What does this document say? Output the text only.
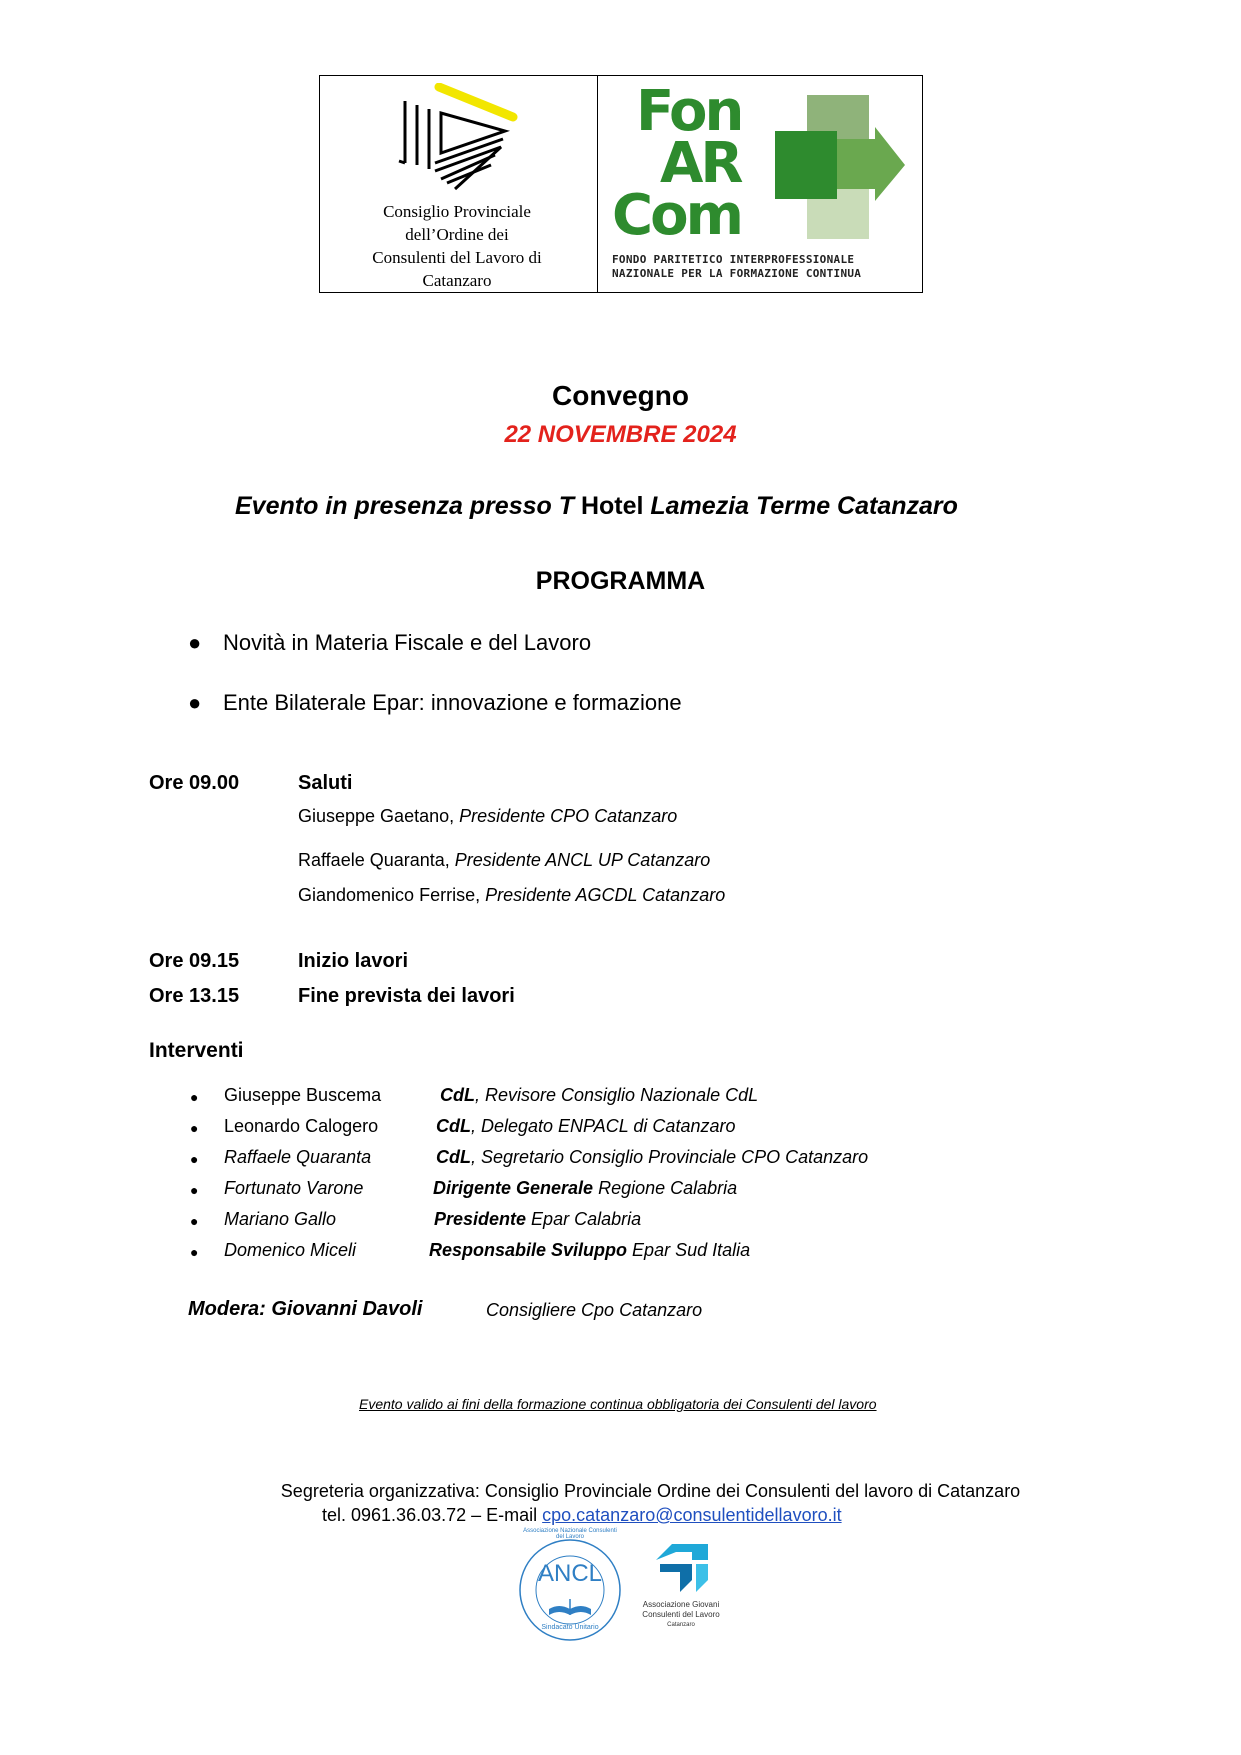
Consiglio Provinciale
dell’Ordine dei
Consulenti del Lavoro di
Catanzaro
Fon
AR
Com
FONDO PARITETICO INTERPROFESSIONALE
NAZIONALE PER LA FORMAZIONE CONTINUA
Convegno
22 NOVEMBRE 2024
Evento in presenza presso T Hotel Lamezia Terme Catanzaro
PROGRAMMA
● Novità in Materia Fiscale e del Lavoro
● Ente Bilaterale Epar: innovazione e formazione
Ore 09.00	Saluti
Giuseppe Gaetano, Presidente CPO Catanzaro
Raffaele Quaranta, Presidente ANCL UP Catanzaro
Giandomenico Ferrise, Presidente AGCDL Catanzaro
Ore 09.15	Inizio lavori
Ore 13.15	Fine prevista dei lavori
Interventi
● Giuseppe Buscema	CdL, Revisore Consiglio Nazionale CdL
● Leonardo Calogero	CdL, Delegato ENPACL di Catanzaro
● Raffaele Quaranta	CdL, Segretario Consiglio Provinciale CPO Catanzaro
● Fortunato Varone	Dirigente Generale Regione Calabria
● Mariano Gallo	Presidente Epar Calabria
● Domenico Miceli	Responsabile Sviluppo Epar Sud Italia
Modera: Giovanni Davoli	Consigliere Cpo Catanzaro
Evento valido ai fini della formazione continua obbligatoria dei Consulenti del lavoro
Segreteria organizzativa: Consiglio Provinciale Ordine dei Consulenti del lavoro di Catanzaro
tel. 0961.36.03.72 – E-mail cpo.catanzaro@consulentidellavoro.it
ANCL
Associazione Nazionale Consulenti del Lavoro
Sindacato Unitario
Associazione Giovani
Consulenti del Lavoro
Catanzaro
